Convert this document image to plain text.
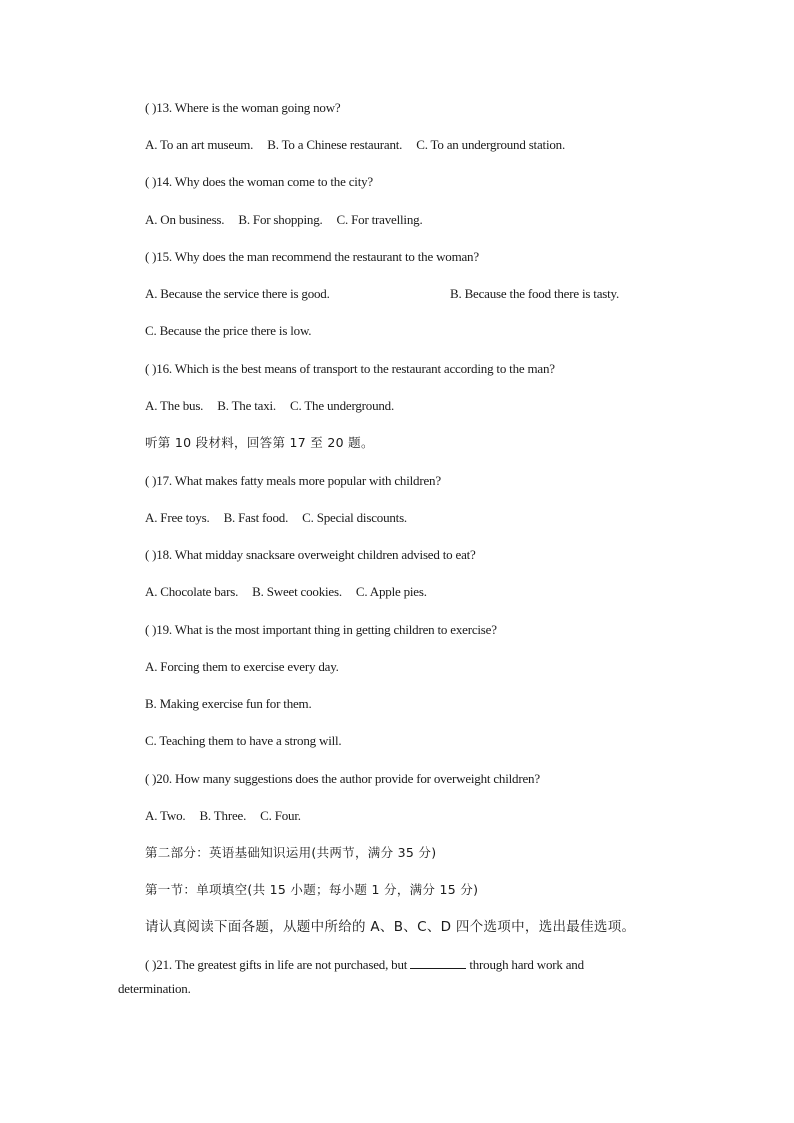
( )13. Where is the woman going now?
A. To an art museum. B. To a Chinese restaurant. C. To an underground station.
( )14. Why does the woman come to the city?
A. On business. B. For shopping. C. For travelling.
( )15. Why does the man recommend the restaurant to the woman?
A. Because the service there is good.	B. Because the food there is tasty.
C. Because the price there is low.
( )16. Which is the best means of transport to the restaurant according to the man?
A. The bus. B. The taxi. C. The underground.
听第 10 段材料，回答第 17 至 20 题。
( )17. What makes fatty meals more popular with children?
A. Free toys. B. Fast food. C. Special discounts.
( )18. What midday snacksare overweight children advised to eat?
A. Chocolate bars. B. Sweet cookies. C. Apple pies.
( )19. What is the most important thing in getting children to exercise?
A. Forcing them to exercise every day.
B. Making exercise fun for them.
C. Teaching them to have a strong will.
( )20. How many suggestions does the author provide for overweight children?
A. Two. B. Three. C. Four.
第二部分：英语基础知识运用(共两节，满分 35 分)
第一节：单项填空(共 15 小题；每小题 1 分，满分 15 分)
请认真阅读下面各题，从题中所给的 A、B、C、D 四个选项中，选出最佳选项。
( )21. The greatest gifts in life are not purchased, but	through hard work and
determination.
